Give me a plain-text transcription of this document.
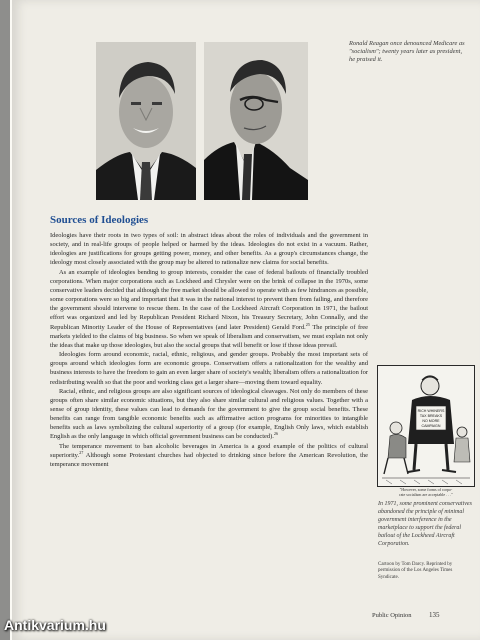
Ronald Reagan once denounced Medicare as "socialism"; twenty years later as president, he praised it.
Sources of Ideologies

Ideologies have their roots in two types of soil: in abstract ideas about the roles of individuals and the government in society, and in real-life groups of people helped or harmed by the ideas. Ideologies do not exist in a vacuum. Rather, ideologies are justifications for groups getting power, money, and other benefits. As a group's circumstances change, the ideology most closely associated with the group may be altered to rationalize new claims for social benefits.

As an example of ideologies bending to group interests, consider the case of federal bailouts of financially troubled corporations. When major corporations such as Lockheed and Chrysler were on the brink of collapse in the 1970s, some conservative leaders decided that although the free market should be allowed to operate with as few hindrances as possible, some corporations were so big and important that it was in the national interest to prevent them from failing, and therefore the government should intervene to rescue them. In the case of the Lockheed Aircraft Corporation in 1971, the bailout effort was organized and led by Republican President Richard Nixon, his Treasury Secretary, John Connally, and the Republican Minority Leader of the House of Representatives (and later President) Gerald Ford.$^{25}$ The principle of free markets yielded to the claims of big business. So when we speak of liberalism and conservatism, we must explain not only the ideas that make up those ideologies, but also the social groups that will benefit or lose if those ideas prevail.

Ideologies form around economic, racial, ethnic, religious, and gender groups. Probably the most important sets of groups around which ideologies form are economic groups. Conservatism offers a rationalization for the wealthy and business interests to have the freedom to gain an even larger share of society's wealth; liberalism offers a rationalization for redistributing wealth so that the poor and working class get a larger share—moving them toward equality.

Racial, ethnic, and religious groups are also significant sources of ideological cleavages. Not only do members of these groups often share similar economic situations, but they also share similar cultural and religious values. Together with a sense of group identity, these values can lead to demands for the government to give the group social benefits. These benefits can range from tangible economic benefits such as affirmative action programs for minorities to intangible benefits such as laws symbolizing the cultural superiority of a group (for example, English Only laws, which establish English as the only language in which official government business can be conducted).$^{26}$

The temperance movement to ban alcoholic beverages in America is a good example of the politics of cultural superiority.$^{27}$ Although some Protestant churches had objected to drinking since before the American Revolution, the temperance movement

RICH WHINERS
TAX BREAKS
NO MORE
CAMPAIGN
"However, some forms of corpo-
rate socialism are acceptable . . ."
In 1971, some prominent conservatives abandoned the principle of minimal government interference in the marketplace to support the federal bailout of the Lockheed Aircraft Corporation.
Cartoon by Tom Darcy. Reprinted by permission of the Los Angeles Times Syndicate.
Public Opinion 135
Antikvarium.hu
